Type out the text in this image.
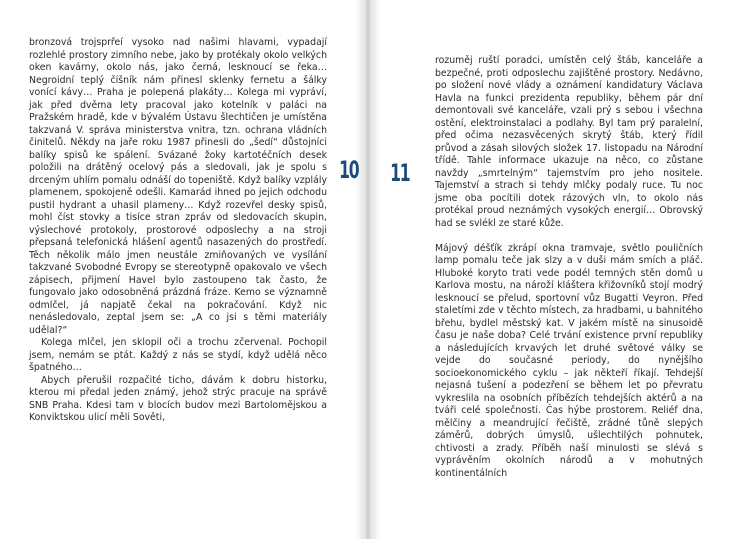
bronzová trojsprřeí vysoko nad našimi hlavami, vypadají rozlehlé prostory zimního nebe, jako by protékaly okolo velkých oken kavárny, okolo nás, jako černá, lesknoucí se řeka… Negroidní teplý číšník nám přinesl sklenky fernetu a šálky vonící kávy… Praha je polepená plakáty… Kolega mi vypráví, jak před dvěma lety pracoval jako kotelník v paláci na Pražském hradě, kde v bývalém Ústavu šlechtičen je umístěna takzvaná V. správa ministerstva vnitra, tzn. ochrana vládních činitelů. Někdy na jaře roku 1987 přinesli do „šedí“ důstojníci balíky spisů ke spálení. Svázané žoky kartotéčních desek položili na drátěný ocelový pás a sledovali, jak je spolu s drceným uhlím pomalu odnáší do topeniště. Když balíky vzplály plamenem, spokojeně odešli. Kamarád ihned po jejich odchodu pustil hydrant a uhasil plameny… Když rozevřel desky spisů, mohl číst stovky a tisíce stran zpráv od sledovacích skupin, výslechové protokoly, prostorové odposlechy a na stroji přepsaná telefonická hlášení agentů nasazených do prostředí. Těch několik málo jmen neustále zmiňovaných ve vysílání takzvané Svobodné Evropy se stereotypně opakovalo ve všech zápisech, přijmení Havel bylo zastoupeno tak často, že fungovalo jako odosobněná prázdná fráze. Kemo se významně odmlčel, já napjatě čekal na pokračování. Když nic nenásledovalo, zeptal jsem se: „A co jsi s těmi materiály udělal?“

Kolega mlčel, jen sklopil oči a trochu zčervenal. Pochopil jsem, nemám se ptát. Každý z nás se stydí, když udělá něco špatného…

Abych přerušil rozpačité ticho, dávám k dobru historku, kterou mi předal jeden známý, jehož strýc pracuje na správě SNB Praha. Kdesi tam v blocích budov mezi Bartolomějskou a Konviktskou ulicí měli Sověti,

10 11

rozuměj ruští poradci, umístěn celý štáb, kanceláře a bezpečné, proti odposlechu zajištěné prostory. Nedávno, po složení nové vlády a oznámení kandidatury Václava Havla na funkci prezidenta republiky, během pár dní demontovali své kanceláře, vzali prý s sebou i všechna ostění, elektroinstalaci a podlahy. Byl tam prý paralelní, před očima nezasvěcených skrytý štáb, který řídil průvod a zásah silových složek 17. listopadu na Národní třídě. Tahle informace ukazuje na něco, co zůstane navždy „smrtelným“ tajemstvím pro jeho nositele. Tajemství a strach si tehdy mlčky podaly ruce. Tu noc jsme oba pocítili dotek rázových vln, to okolo nás protékal proud neznámých vysokých energií… Obrovský had se svlékl ze staré kůže.

Májový déšťík zkrápí okna tramvaje, světlo pouličních lamp pomalu teče jak slzy a v duši mám smích a pláč. Hluboké koryto trati vede podél temných stěn domů u Karlova mostu, na nároží kláštera křižovníků stojí modrý lesknoucí se přelud, sportovní vůz Bugatti Veyron. Před staletími zde v těchto místech, za hradbami, u bahnitého břehu, bydlel městský kat. V jakém místě na sinusoidě času je naše doba? Celé trvání existence první republiky a následujících krvavých let druhé světové války se vejde do současné periody, do nynějšího socioekonomického cyklu – jak někteří říkají. Tehdejší nejasná tušení a podezření se během let po převratu vykreslila na osobních příbězích tehdejších aktérů a na tváři celé společnosti. Čas hýbe prostorem. Reliéf dna, mělčiny a meandrující řečiště, zrádné tůně slepých záměrů, dobrých úmyslů, ušlechtilých pohnutek, chtivosti a zrady. Příběh naší minulosti se slévá s vyprávěním okolních národů a v mohutných kontinentálních
